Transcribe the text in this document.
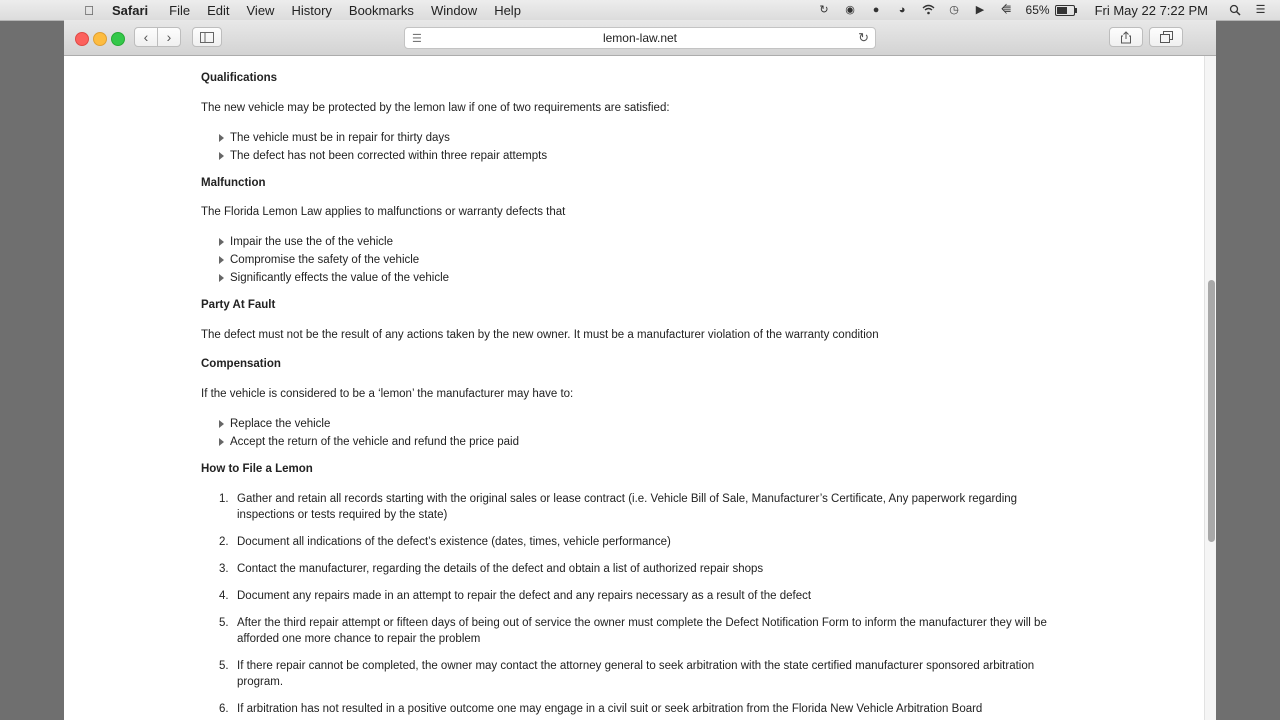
Safari File Edit View History Bookmarks Window Help	↻ ◉ ● ◕	◷ ▶ ⭅ 65%	Fri May 22 7:22 PM	☰
‹ ›	☰	lemon-law.net	↻
Qualifications
The new vehicle may be protected by the lemon law if one of two requirements are satisfied:
The vehicle must be in repair for thirty days
The defect has not been corrected within three repair attempts
Malfunction
The Florida Lemon Law applies to malfunctions or warranty defects that
Impair the use the of the vehicle
Compromise the safety of the vehicle
Significantly effects the value of the vehicle
Party At Fault
The defect must not be the result of any actions taken by the new owner. It must be a manufacturer violation of the warranty condition
Compensation
If the vehicle is considered to be a ‘lemon’ the manufacturer may have to:
Replace the vehicle
Accept the return of the vehicle and refund the price paid
How to File a Lemon
1. Gather and retain all records starting with the original sales or lease contract (i.e. Vehicle Bill of Sale, Manufacturer’s Certificate, Any paperwork regarding inspections or tests required by the state)
2. Document all indications of the defect’s existence (dates, times, vehicle performance)
3. Contact the manufacturer, regarding the details of the defect and obtain a list of authorized repair shops
4. Document any repairs made in an attempt to repair the defect and any repairs necessary as a result of the defect
5. After the third repair attempt or fifteen days of being out of service the owner must complete the Defect Notification Form to inform the manufacturer they will be afforded one more chance to repair the problem
5. If there repair cannot be completed, the owner may contact the attorney general to seek arbitration with the state certified manufacturer sponsored arbitration program.
6. If arbitration has not resulted in a positive outcome one may engage in a civil suit or seek arbitration from the Florida New Vehicle Arbitration Board
